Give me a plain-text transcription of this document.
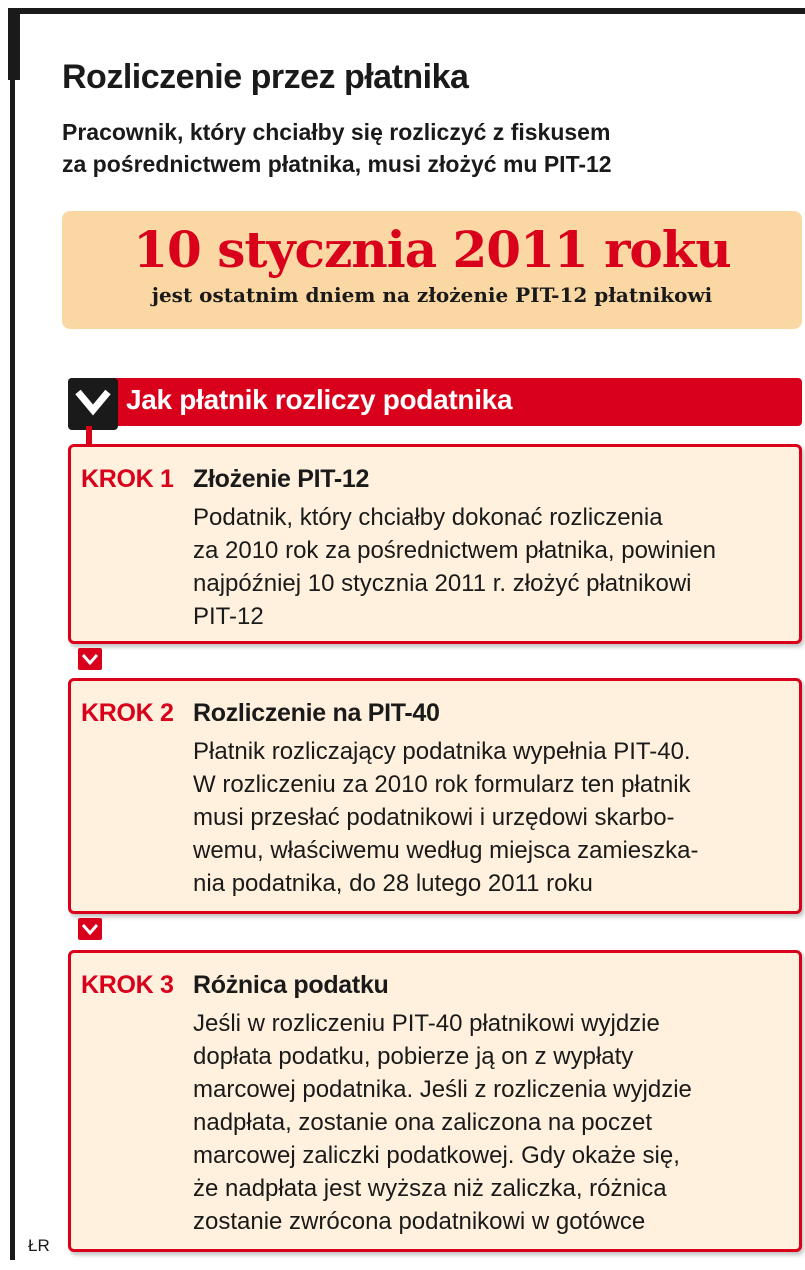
Rozliczenie przez płatnika

Pracownik, który chciałby się rozliczyć z fiskusem
za pośrednictwem płatnika, musi złożyć mu PIT-12

10 stycznia 2011 roku
jest ostatnim dniem na złożenie PIT-12 płatnikowi
Jak płatnik rozliczy podatnika
KROK 1 Złożenie PIT-12

Podatnik, który chciałby dokonać rozliczenia
za 2010 rok za pośrednictwem płatnika, powinien
najpóźniej 10 stycznia 2011 r. złożyć płatnikowi
PIT-12

KROK 2 Rozliczenie na PIT-40

Płatnik rozliczający podatnika wypełnia PIT-40.
W rozliczeniu za 2010 rok formularz ten płatnik
musi przesłać podatnikowi i urzędowi skarbo-
wemu, właściwemu według miejsca zamieszka-
nia podatnika, do 28 lutego 2011 roku

KROK 3 Różnica podatku

Jeśli w rozliczeniu PIT-40 płatnikowi wyjdzie
dopłata podatku, pobierze ją on z wypłaty
marcowej podatnika. Jeśli z rozliczenia wyjdzie
nadpłata, zostanie ona zaliczona na poczet
marcowej zaliczki podatkowej. Gdy okaże się,
że nadpłata jest wyższa niż zaliczka, różnica
zostanie zwrócona podatnikowi w gotówce

ŁR
